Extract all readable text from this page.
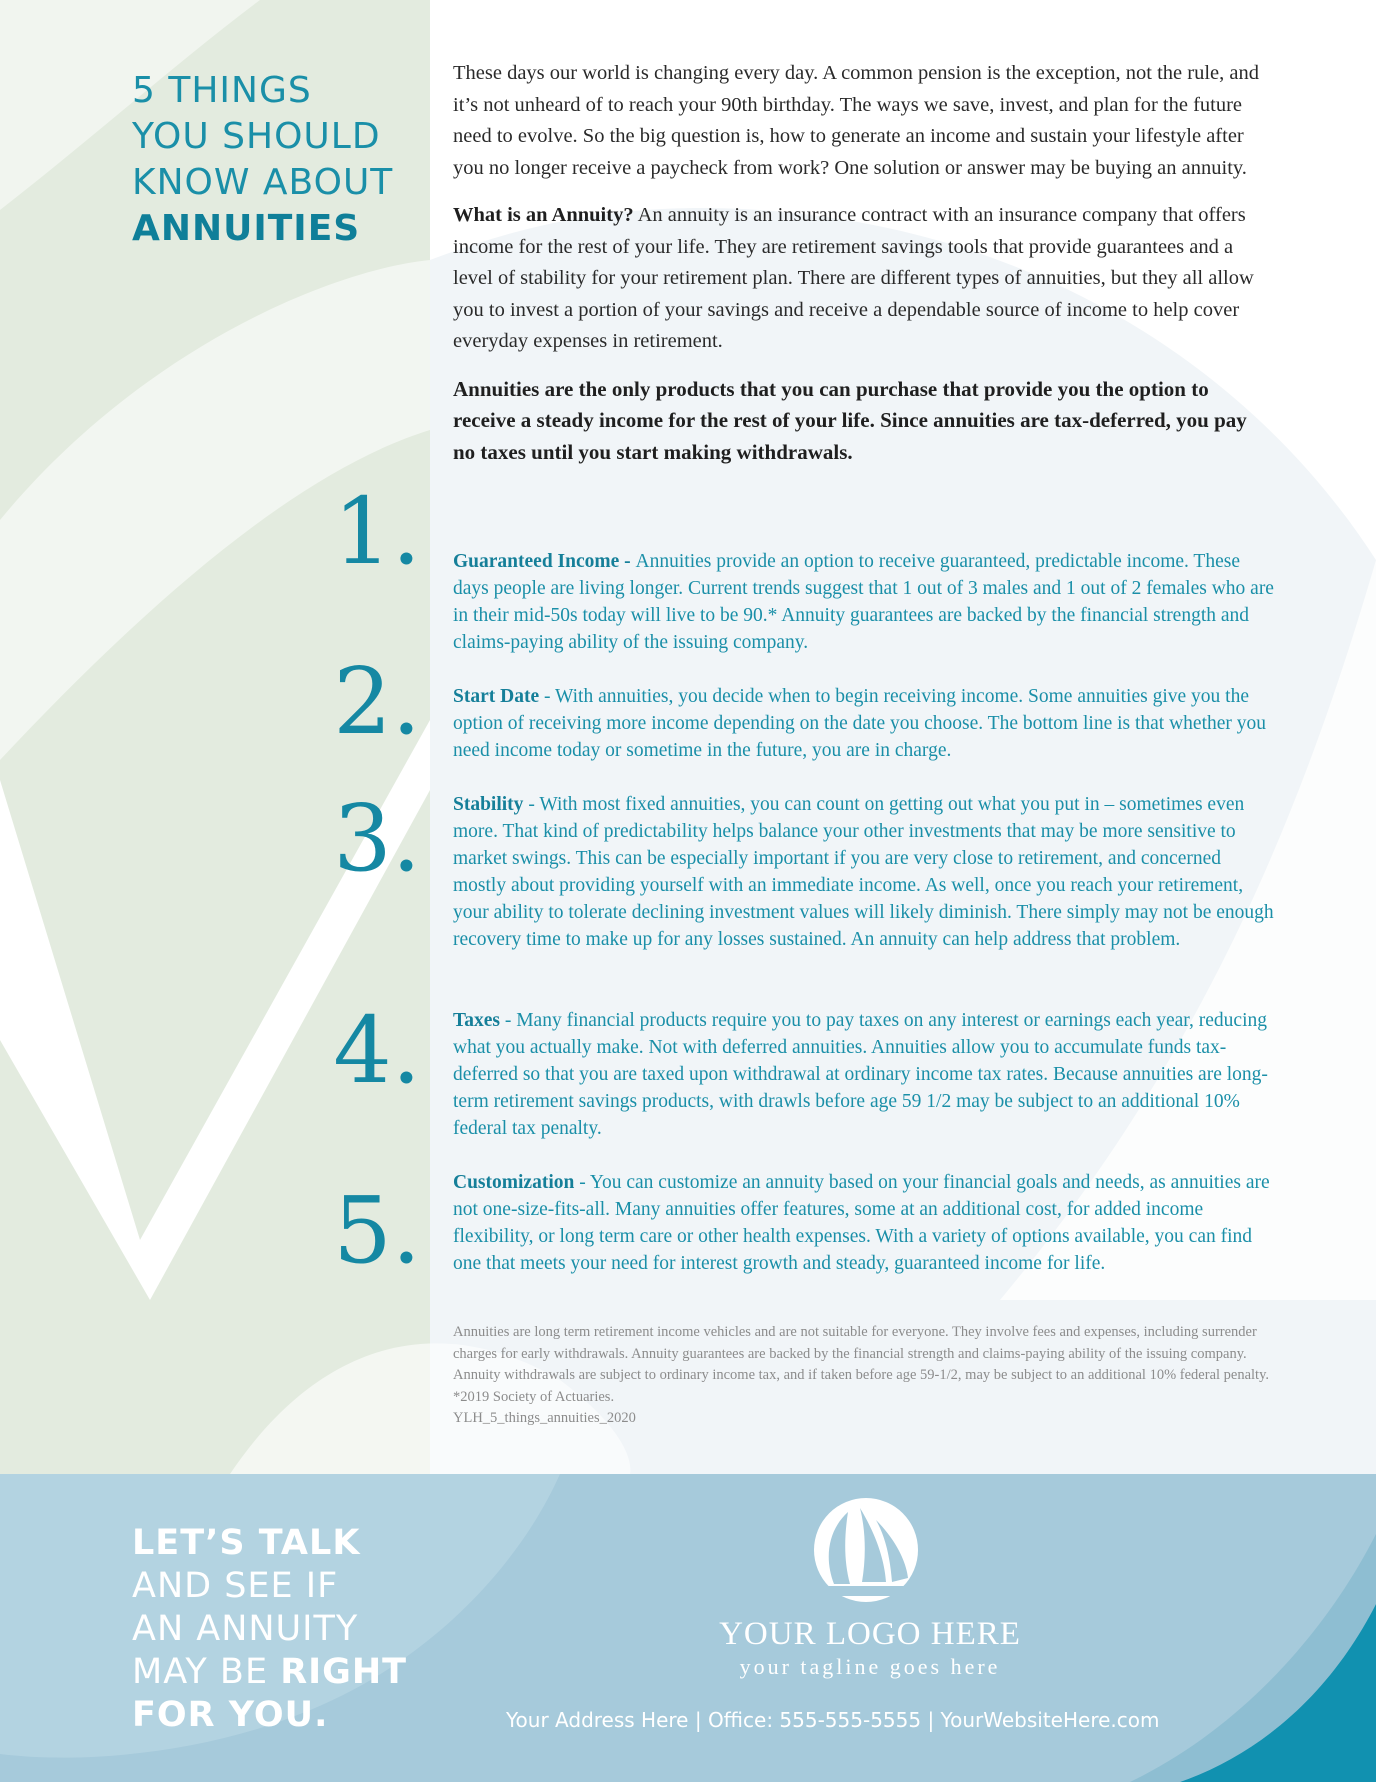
5 THINGS
YOU SHOULD
KNOW ABOUT
ANNUITIES

These days our world is changing every day. A common pension is the exception, not the rule, and it’s not unheard of to reach your 90th birthday. The ways we save, invest, and plan for the future need to evolve. So the big question is, how to generate an income and sustain your lifestyle after you no longer receive a paycheck from work? One solution or answer may be buying an annuity.

What is an Annuity? An annuity is an insurance contract with an insurance company that offers income for the rest of your life. They are retirement savings tools that provide guarantees and a level of stability for your retirement plan. There are different types of annuities, but they all allow you to invest a portion of your savings and receive a dependable source of income to help cover everyday expenses in retirement.

Annuities are the only products that you can purchase that provide you the option to receive a steady income for the rest of your life. Since annuities are tax-deferred, you pay no taxes until you start making withdrawals.

1. Guaranteed Income - Annuities provide an option to receive guaranteed, predictable income. These days people are living longer. Current trends suggest that 1 out of 3 males and 1 out of 2 females who are in their mid-50s today will live to be 90.* Annuity guarantees are backed by the financial strength and claims-paying ability of the issuing company.
2. Start Date - With annuities, you decide when to begin receiving income. Some annuities give you the option of receiving more income depending on the date you choose. The bottom line is that whether you need income today or sometime in the future, you are in charge.
3. Stability - With most fixed annuities, you can count on getting out what you put in – sometimes even more. That kind of predictability helps balance your other investments that may be more sensitive to market swings. This can be especially important if you are very close to retirement, and concerned mostly about providing yourself with an immediate income. As well, once you reach your retirement, your ability to tolerate declining investment values will likely diminish. There simply may not be enough recovery time to make up for any losses sustained. An annuity can help address that problem.
4. Taxes - Many financial products require you to pay taxes on any interest or earnings each year, reducing what you actually make. Not with deferred annuities. Annuities allow you to accumulate funds tax-deferred so that you are taxed upon withdrawal at ordinary income tax rates. Because annuities are long-term retirement savings products, with drawls before age 59 1/2 may be subject to an additional 10% federal tax penalty.
5. Customization - You can customize an annuity based on your financial goals and needs, as annuities are not one-size-fits-all. Many annuities offer features, some at an additional cost, for added income flexibility, or long term care or other health expenses. With a variety of options available, you can find one that meets your need for interest growth and steady, guaranteed income for life.
Annuities are long term retirement income vehicles and are not suitable for everyone. They involve fees and expenses, including surrender charges for early withdrawals. Annuity guarantees are backed by the financial strength and claims-paying ability of the issuing company. Annuity withdrawals are subject to ordinary income tax, and if taken before age 59-1/2, may be subject to an additional 10% federal penalty.
*2019 Society of Actuaries.
YLH_5_things_annuities_2020
LET’S TALK
AND SEE IF
AN ANNUITY
MAY BE RIGHT
FOR YOU.
YOUR LOGO HERE
your tagline goes here
Your Address Here | Office: 555-555-5555 | YourWebsiteHere.com
